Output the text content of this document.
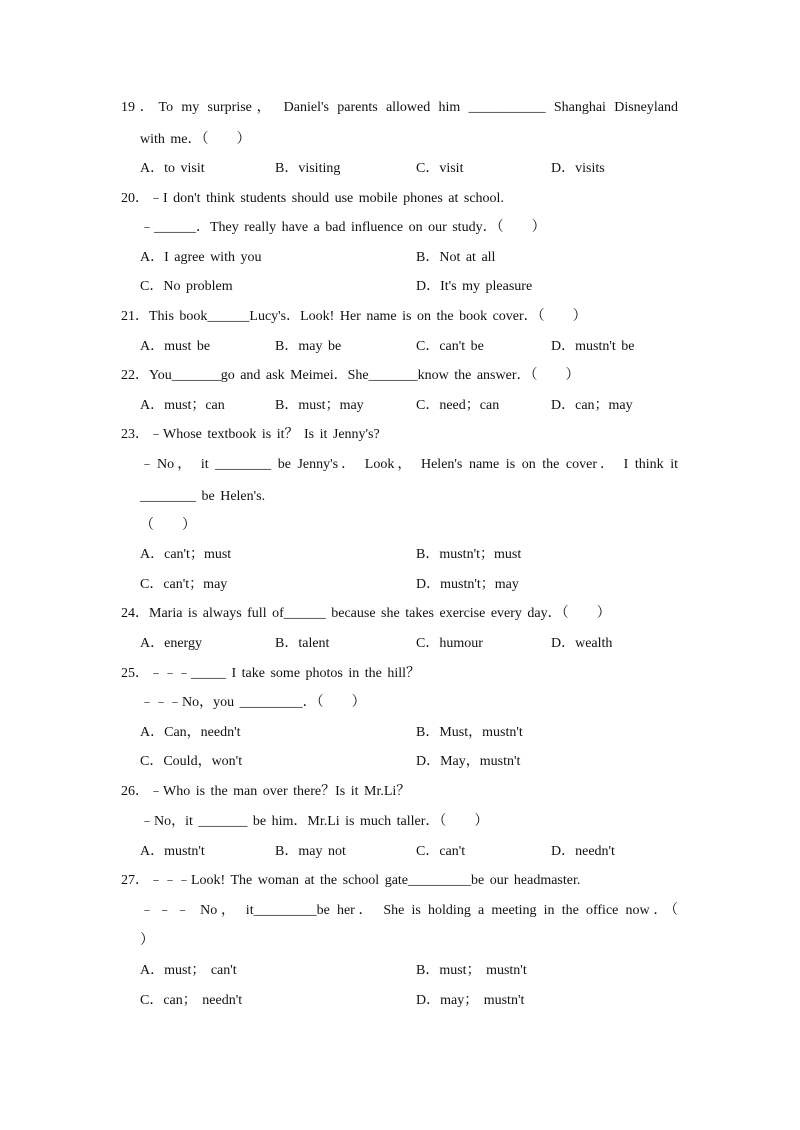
19．To my surprise， Daniel's parents allowed him ___________ Shanghai Disneyland
with me．（　　）
A．to visit	B．visiting	C．visit	D．visits
20．﹣I don't think students should use mobile phones at school.
﹣______．They really have a bad influence on our study．（　　）
A．I agree with you	B．Not at all
C．No problem	D．It's my pleasure
21．This book______Lucy's．Look! Her name is on the book cover．（　　）
A．must be	B．may be	C．can't be	D．mustn't be
22．You_______go and ask Meimei．She_______know the answer．（　　）
A．must；can	B．must；may	C．need；can	D．can；may
23．﹣Whose textbook is it？ Is it Jenny's?
﹣No， it ________ be Jenny's． Look， Helen's name is on the cover． I think it
________ be Helen's.
（　　）
A．can't；must	B．mustn't；must
C．can't；may	D．mustn't；may
24．Maria is always full of______ because she takes exercise every day．（　　）
A．energy	B．talent	C．humour	D．wealth
25．﹣﹣﹣_____ I take some photos in the hill？
﹣﹣﹣No，you _________．（　　）
A．Can，needn't	B．Must，mustn't
C．Could，won't	D．May，mustn't
26．﹣Who is the man over there？Is it Mr.Li？
﹣No，it _______ be him．Mr.Li is much taller．（　　）
A．mustn't	B．may not	C．can't	D．needn't
27．﹣﹣﹣Look! The woman at the school gate_________be our headmaster.
﹣﹣﹣ No， it_________be her． She is holding a meeting in the office now．（
）
A．must； can't	B．must； mustn't
C．can； needn't	D．may； mustn't
